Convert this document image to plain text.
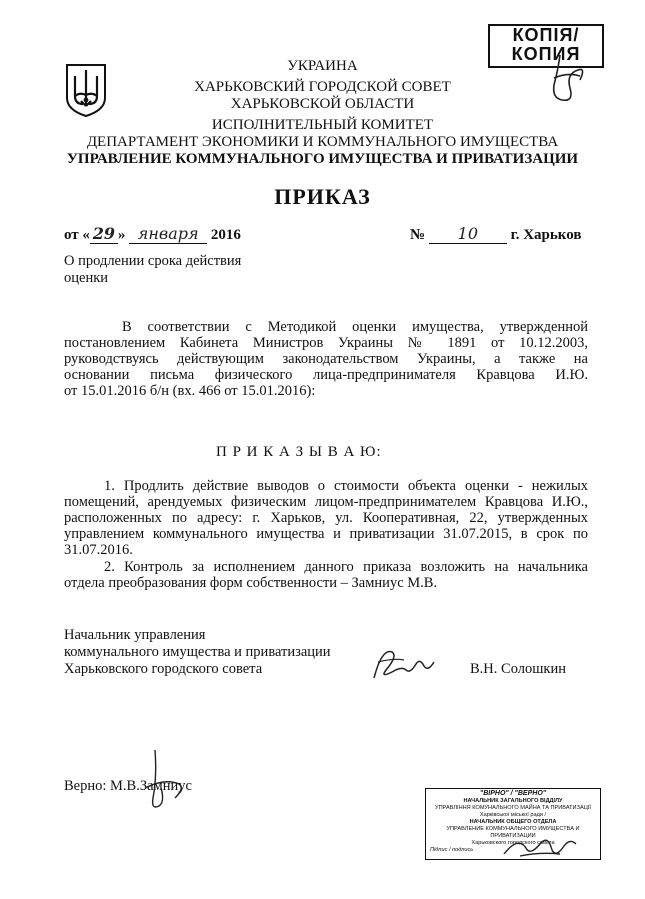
КОПІЯ/
КОПИЯ
УКРАИНА
ХАРЬКОВСКИЙ ГОРОДСКОЙ СОВЕТ
ХАРЬКОВСКОЙ ОБЛАСТИ
ИСПОЛНИТЕЛЬНЫЙ КОМИТЕТ
ДЕПАРТАМЕНТ ЭКОНОМИКИ И КОММУНАЛЬНОГО ИМУЩЕСТВА
УПРАВЛЕНИЕ КОММУНАЛЬНОГО ИМУЩЕСТВА И ПРИВАТИЗАЦИИ
ПРИКАЗ
от « 29 » января 2016	№ 10 г. Харьков
О продлении срока действия
оценки
В соответствии с Методикой оценки имущества, утвержденной
постановлением Кабинета Министров Украины № 1891 от 10.12.2003,
руководствуясь действующим законодательством Украины, а также на
основании письма физического лица-предпринимателя Кравцова И.Ю.
от 15.01.2016 б/н (вх. 466 от 15.01.2016):
П Р И К А З Ы В А Ю:
1. Продлить действие выводов о стоимости объекта оценки - нежилых
помещений, арендуемых физическим лицом-предпринимателем Кравцова И.Ю.,
расположенных по адресу: г. Харьков, ул. Кооперативная, 22, утвержденных
управлением коммунального имущества и приватизации 31.07.2015, в срок по
31.07.2016.
2. Контроль за исполнением данного приказа возложить на начальника
отдела преобразования форм собственности – Замниус М.В.
Начальник управления
коммунального имущества и приватизации
Харьковского городского совета	В.Н. Солошкин
Верно: М.В.Замниус	"ВІРНО" / "ВЕРНО"
НАЧАЛЬНИК ЗАГАЛЬНОГО ВІДДІЛУ
УПРАВЛІННЯ КОМУНАЛЬНОГО МАЙНА ТА ПРИВАТИЗАЦІЇ
Харківської міської ради /
НАЧАЛЬНИК ОБЩЕГО ОТДЕЛА
УПРАВЛЕНИЕ КОММУНАЛЬНОГО ИМУЩЕСТВА И ПРИВАТИЗАЦИИ
Харьковского городского совета
Підпис / подпись
